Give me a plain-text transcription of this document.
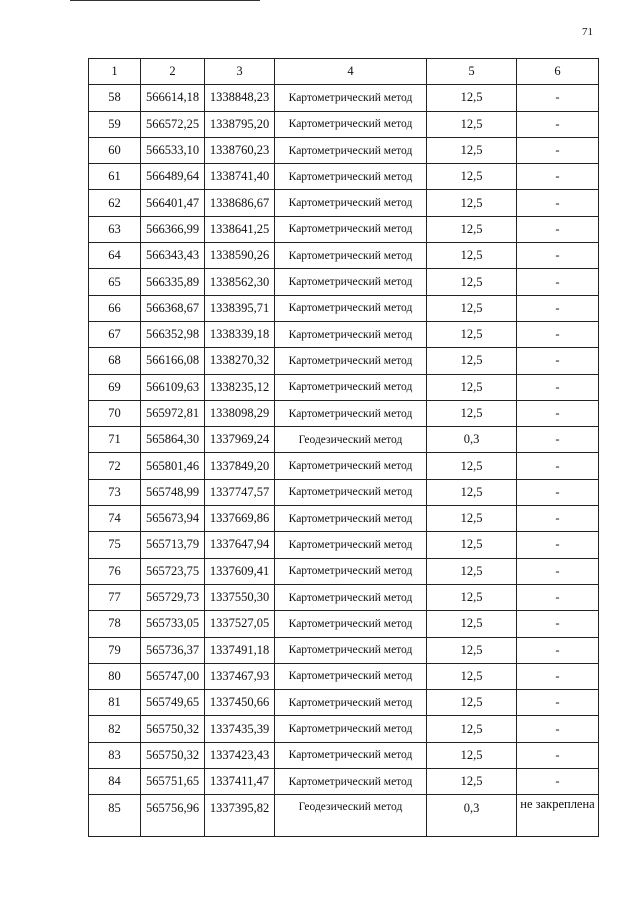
71
1	2	3	4	5	6
58	566614,18	1338848,23	Картометрический метод	12,5	-
59	566572,25	1338795,20	Картометрический метод	12,5	-
60	566533,10	1338760,23	Картометрический метод	12,5	-
61	566489,64	1338741,40	Картометрический метод	12,5	-
62	566401,47	1338686,67	Картометрический метод	12,5	-
63	566366,99	1338641,25	Картометрический метод	12,5	-
64	566343,43	1338590,26	Картометрический метод	12,5	-
65	566335,89	1338562,30	Картометрический метод	12,5	-
66	566368,67	1338395,71	Картометрический метод	12,5	-
67	566352,98	1338339,18	Картометрический метод	12,5	-
68	566166,08	1338270,32	Картометрический метод	12,5	-
69	566109,63	1338235,12	Картометрический метод	12,5	-
70	565972,81	1338098,29	Картометрический метод	12,5	-
71	565864,30	1337969,24	Геодезический метод	0,3	-
72	565801,46	1337849,20	Картометрический метод	12,5	-
73	565748,99	1337747,57	Картометрический метод	12,5	-
74	565673,94	1337669,86	Картометрический метод	12,5	-
75	565713,79	1337647,94	Картометрический метод	12,5	-
76	565723,75	1337609,41	Картометрический метод	12,5	-
77	565729,73	1337550,30	Картометрический метод	12,5	-
78	565733,05	1337527,05	Картометрический метод	12,5	-
79	565736,37	1337491,18	Картометрический метод	12,5	-
80	565747,00	1337467,93	Картометрический метод	12,5	-
81	565749,65	1337450,66	Картометрический метод	12,5	-
82	565750,32	1337435,39	Картометрический метод	12,5	-
83	565750,32	1337423,43	Картометрический метод	12,5	-
84	565751,65	1337411,47	Картометрический метод	12,5	-
85	565756,96	1337395,82	Геодезический метод	0,3	не закреплена
